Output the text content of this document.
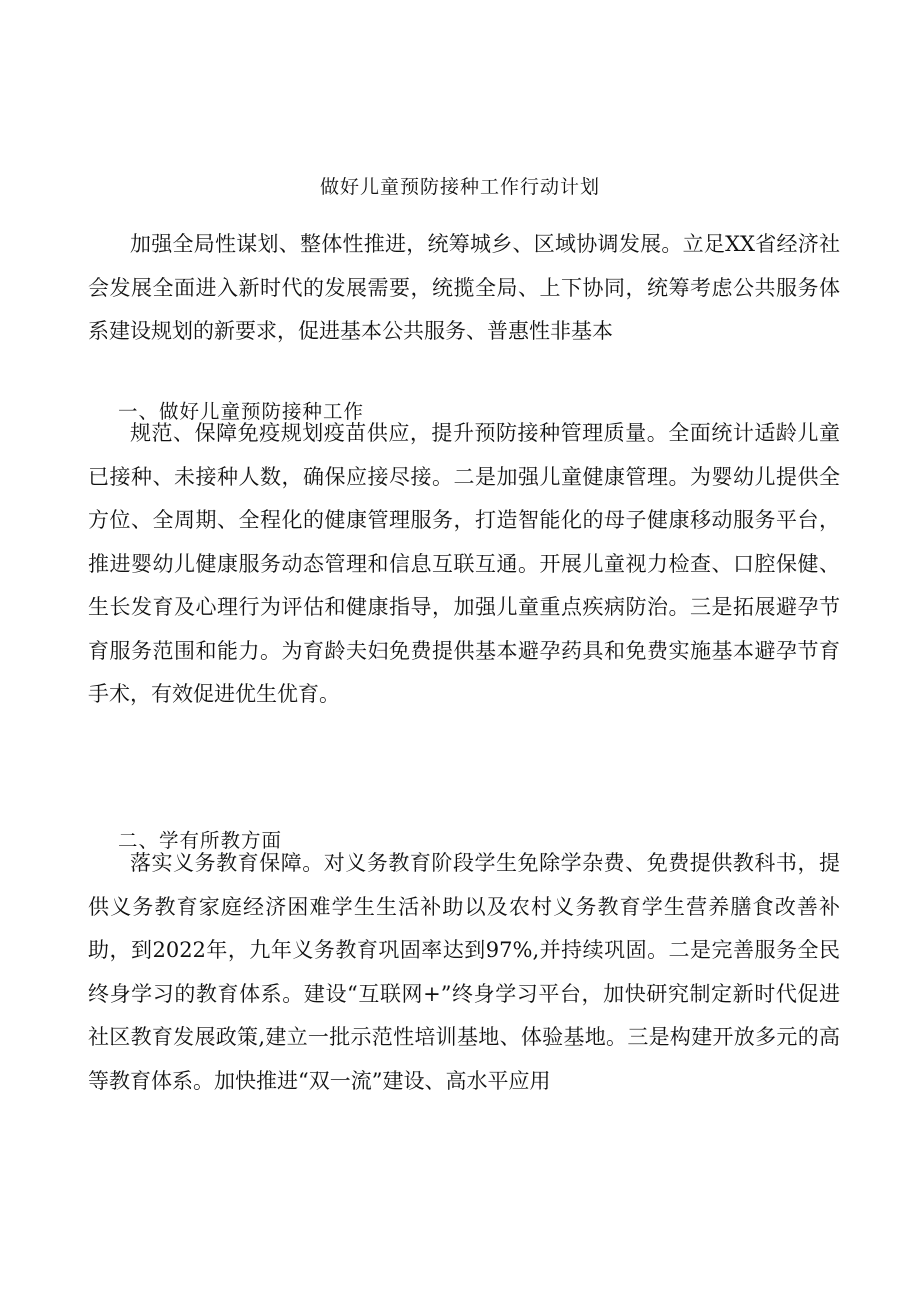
做好儿童预防接种工作行动计划

加强全局性谋划、整体性推进，统筹城乡、区域协调发展。立足XX省经济社会发展全面进入新时代的发展需要，统揽全局、上下协同，统筹考虑公共服务体系建设规划的新要求，促进基本公共服务、普惠性非基本

一、做好儿童预防接种工作

规范、保障免疫规划疫苗供应，提升预防接种管理质量。全面统计适龄儿童已接种、未接种人数，确保应接尽接。二是加强儿童健康管理。为婴幼儿提供全方位、全周期、全程化的健康管理服务，打造智能化的母子健康移动服务平台，推进婴幼儿健康服务动态管理和信息互联互通。开展儿童视力检查、口腔保健、生长发育及心理行为评估和健康指导，加强儿童重点疾病防治。三是拓展避孕节育服务范围和能力。为育龄夫妇免费提供基本避孕药具和免费实施基本避孕节育手术，有效促进优生优育。

二、学有所教方面

落实义务教育保障。对义务教育阶段学生免除学杂费、免费提供教科书，提供义务教育家庭经济困难学生生活补助以及农村义务教育学生营养膳食改善补助，到2022年，九年义务教育巩固率达到97%,并持续巩固。二是完善服务全民终身学习的教育体系。建设“互联网+”终身学习平台，加快研究制定新时代促进社区教育发展政策,建立一批示范性培训基地、体验基地。三是构建开放多元的高等教育体系。加快推进“双一流”建设、高水平应用
